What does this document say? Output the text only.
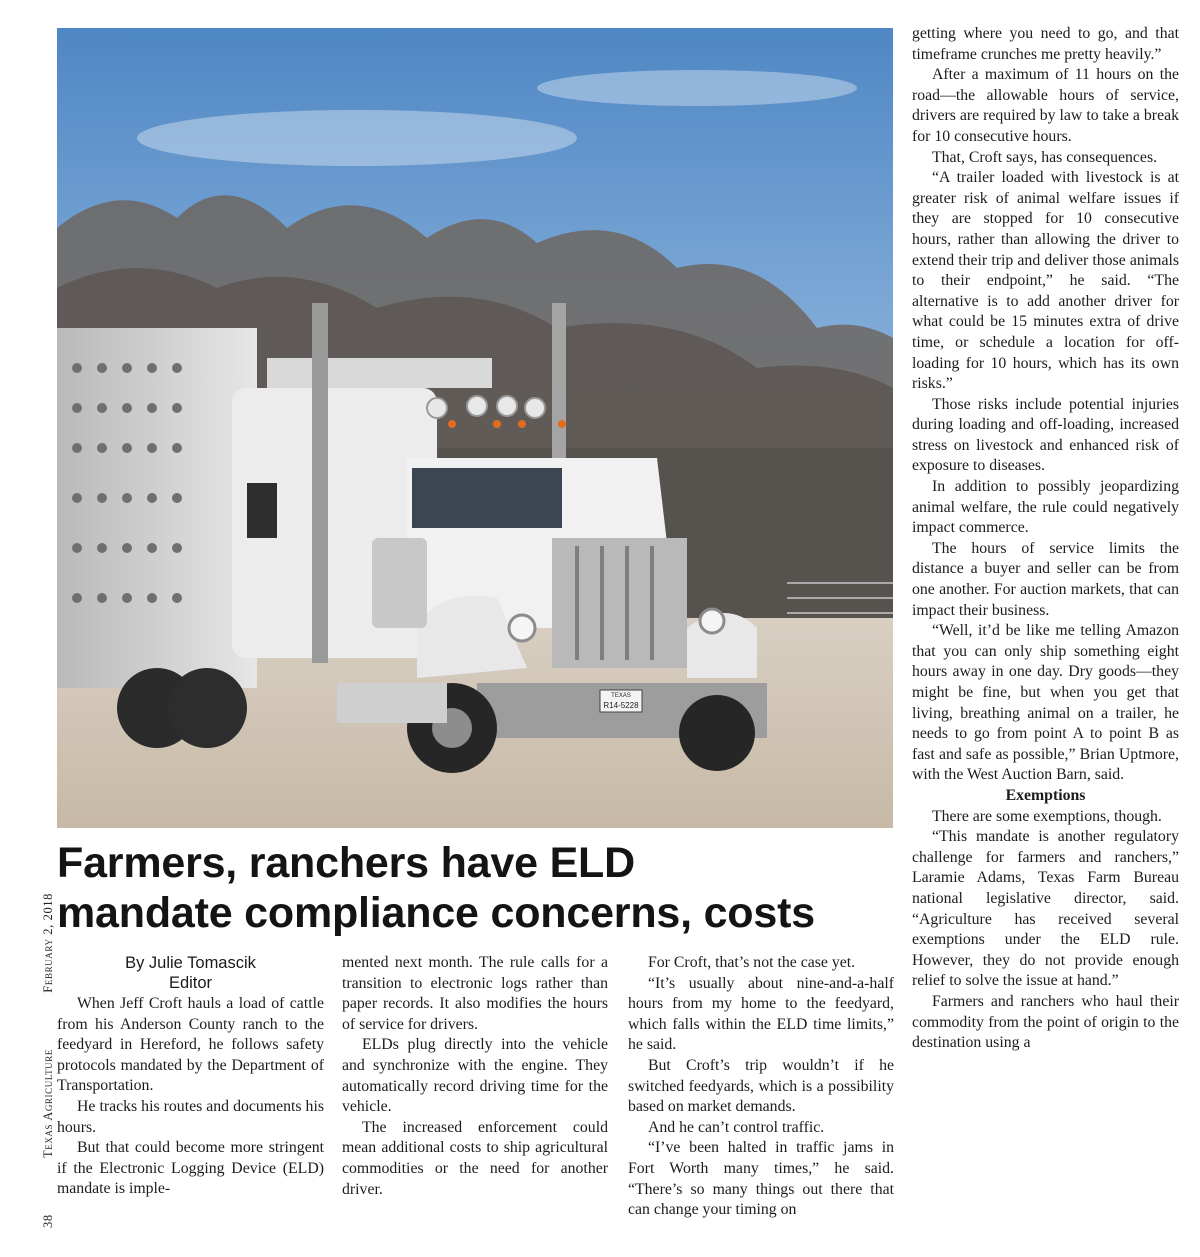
TEXAS
R14-5228
Farmers, ranchers have ELD
mandate compliance concerns, costs
38
Texas Agriculture
February 2, 2018	By Julie Tomascik
Editor

When Jeff Croft hauls a load of cattle from his Anderson County ranch to the feedyard in Hereford, he follows safety protocols mandated by the Department of Transportation.

He tracks his routes and documents his hours.

But that could become more stringent if the Electronic Logging Device (ELD) mandate is imple-

mented next month. The rule calls for a transition to electronic logs rather than paper records. It also modifies the hours of service for drivers.

ELDs plug directly into the vehicle and synchronize with the engine. They automatically record driving time for the vehicle.

The increased enforcement could mean additional costs to ship agricultural commodities or the need for another driver.

For Croft, that’s not the case yet.

“It’s usually about nine-and-a-half hours from my home to the feedyard, which falls within the ELD time limits,” he said.

But Croft’s trip wouldn’t if he switched feedyards, which is a possibility based on market demands.

And he can’t control traffic.

“I’ve been halted in traffic jams in Fort Worth many times,” he said. “There’s so many things out there that can change your timing on

getting where you need to go, and that timeframe crunches me pretty heavily.”

After a maximum of 11 hours on the road—the allowable hours of service, drivers are required by law to take a break for 10 consecutive hours.

That, Croft says, has consequences.

“A trailer loaded with livestock is at greater risk of animal welfare issues if they are stopped for 10 consecutive hours, rather than allowing the driver to extend their trip and deliver those animals to their endpoint,” he said. “The alternative is to add another driver for what could be 15 minutes extra of drive time, or schedule a location for off-loading for 10 hours, which has its own risks.”

Those risks include potential injuries during loading and off-loading, increased stress on livestock and enhanced risk of exposure to diseases.

In addition to possibly jeopardizing animal welfare, the rule could negatively impact commerce.

The hours of service limits the distance a buyer and seller can be from one another. For auction markets, that can impact their business.

“Well, it’d be like me telling Amazon that you can only ship something eight hours away in one day. Dry goods—they might be fine, but when you get that living, breathing animal on a trailer, he needs to go from point A to point B as fast and safe as possible,” Brian Uptmore, with the West Auction Barn, said.

Exemptions

There are some exemptions, though.

“This mandate is another regulatory challenge for farmers and ranchers,” Laramie Adams, Texas Farm Bureau national legislative director, said. “Agriculture has received several exemptions under the ELD rule. However, they do not provide enough relief to solve the issue at hand.”

Farmers and ranchers who haul their commodity from the point of origin to the destination using a
